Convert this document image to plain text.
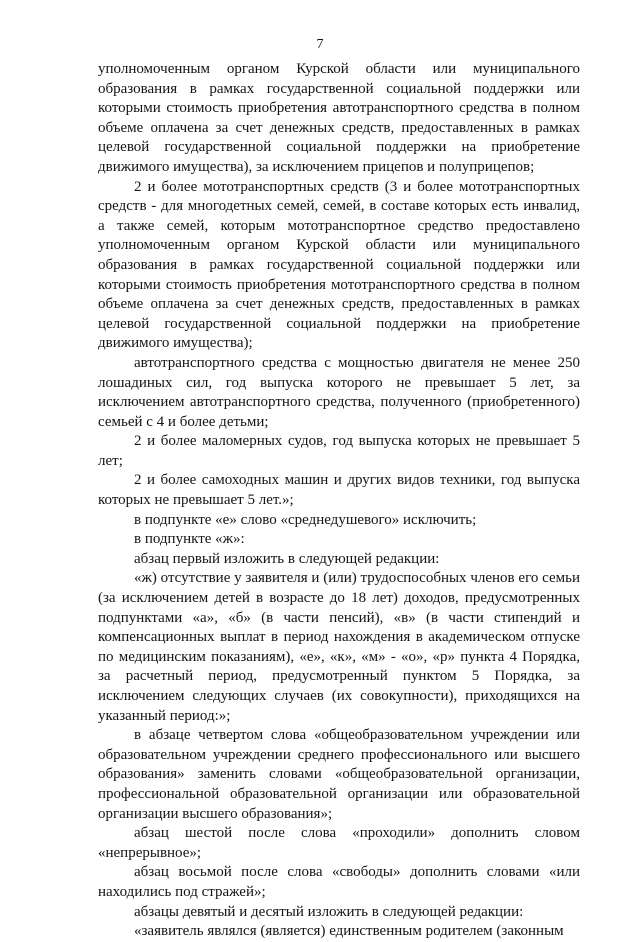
7

уполномоченным органом Курской области или муниципального образования в рамках государственной социальной поддержки или которыми стоимость приобретения автотранспортного средства в полном объеме оплачена за счет денежных средств, предоставленных в рамках целевой государственной социальной поддержки на приобретение движимого имущества), за исключением прицепов и полуприцепов;

2 и более мототранспортных средств (3 и более мототранспортных средств - для многодетных семей, семей, в составе которых есть инвалид, а также семей, которым мототранспортное средство предоставлено уполномоченным органом Курской области или муниципального образования в рамках государственной социальной поддержки или которыми стоимость приобретения мототранспортного средства в полном объеме оплачена за счет денежных средств, предоставленных в рамках целевой государственной социальной поддержки на приобретение движимого имущества);

автотранспортного средства с мощностью двигателя не менее 250 лошадиных сил, год выпуска которого не превышает 5 лет, за исключением автотранспортного средства, полученного (приобретенного) семьей с 4 и более детьми;

2 и более маломерных судов, год выпуска которых не превышает 5 лет;

2 и более самоходных машин и других видов техники, год выпуска которых не превышает 5 лет.»;

в подпункте «е» слово «среднедушевого» исключить;

в подпункте «ж»:

абзац первый изложить в следующей редакции:

«ж) отсутствие у заявителя и (или) трудоспособных членов его семьи (за исключением детей в возрасте до 18 лет) доходов, предусмотренных подпунктами «а», «б» (в части пенсий), «в» (в части стипендий и компенсационных выплат в период нахождения в академическом отпуске по медицинским показаниям), «е», «к», «м» - «о», «р» пункта 4 Порядка, за расчетный период, предусмотренный пунктом 5 Порядка, за исключением следующих случаев (их совокупности), приходящихся на указанный период:»;

в абзаце четвертом слова «общеобразовательном учреждении или образовательном учреждении среднего профессионального или высшего образования» заменить словами «общеобразовательной организации, профессиональной образовательной организации или образовательной организации высшего образования»;

абзац шестой после слова «проходили» дополнить словом «непрерывное»;

абзац восьмой после слова «свободы» дополнить словами «или находились под стражей»;

абзацы девятый и десятый изложить в следующей редакции:

«заявитель являлся (является) единственным родителем (законным
